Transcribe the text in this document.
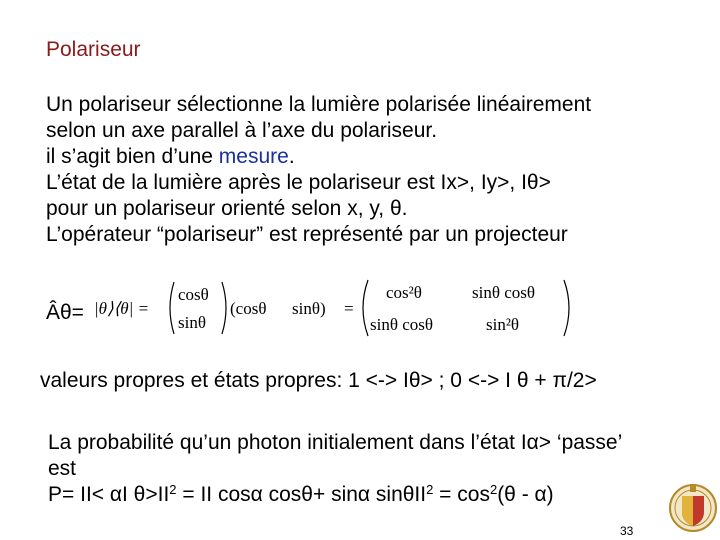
Polariseur
Un polariseur sélectionne la lumière polarisée linéairement
selon un axe parallel à l’axe du polariseur.
il s’agit bien d’une mesure.
L’état de la lumière après le polariseur est Ix>, Iy>, Iθ>
pour un polariseur orienté selon x, y, θ.
L’opérateur “polariseur” est représenté par un projecteur
Âθ= |θ⟩⟨θ| =
cosθ
sinθ
(cosθ sinθ) =
cos²θ	sinθ cosθ
sinθ cosθ	sin²θ
valeurs propres et états propres: 1 <-> Iθ> ; 0 <-> I θ + π/2>
La probabilité qu’un photon initialement dans l’état Iα> ‘passe’
est
P= II< αI $\theta>II^2$ = II cosα cosθ+ sinα $\sin\theta II^2 = \cos^2(\theta - \alpha)$
33
